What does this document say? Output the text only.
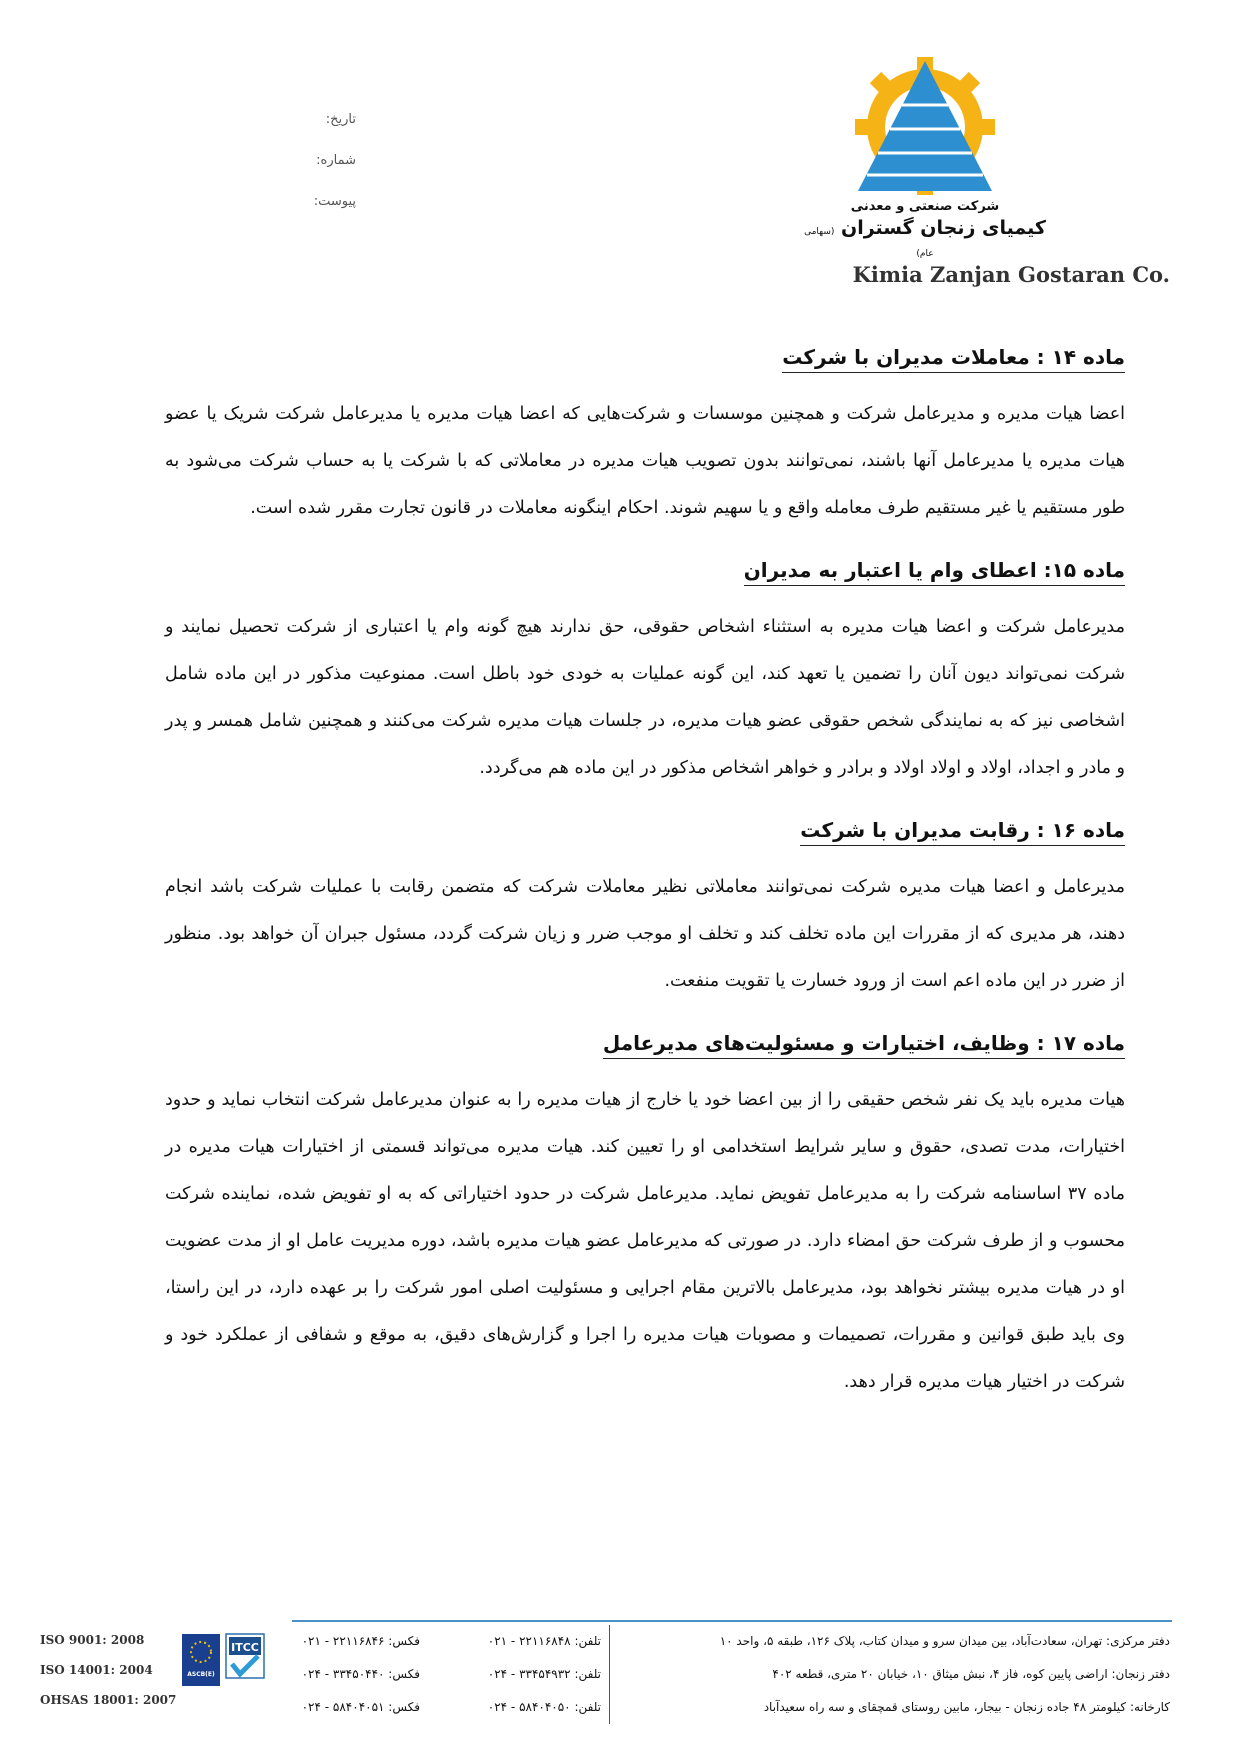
شرکت صنعتی و معدنی
کیمیای زنجان گستران (سهامی عام)
Kimia Zanjan Gostaran Co.
تاریخ:
شماره:
پیوست:
ماده ۱۴ : معاملات مدیران با شرکت

اعضا هیات مدیره و مدیرعامل شرکت و همچنین موسسات و شرکت‌هایی که اعضا هیات مدیره یا مدیرعامل شرکت شریک یا عضو هیات مدیره یا مدیرعامل آنها باشند، نمی‌توانند بدون تصویب هیات مدیره در معاملاتی که با شرکت یا به حساب شرکت می‌شود به طور مستقیم یا غیر مستقیم طرف معامله واقع و یا سهیم شوند. احکام اینگونه معاملات در قانون تجارت مقرر شده است.

ماده ۱۵: اعطای وام یا اعتبار به مدیران

مدیرعامل شرکت و اعضا هیات مدیره به استثناء اشخاص حقوقی، حق ندارند هیچ گونه وام یا اعتباری از شرکت تحصیل نمایند و شرکت نمی‌تواند دیون آنان را تضمین یا تعهد کند، این گونه عملیات به خودی خود باطل است. ممنوعیت مذکور در این ماده شامل اشخاصی نیز که به نمایندگی شخص حقوقی عضو هیات مدیره، در جلسات هیات مدیره شرکت می‌کنند و همچنین شامل همسر و پدر و مادر و اجداد، اولاد و اولاد اولاد و برادر و خواهر اشخاص مذکور در این ماده هم می‌گردد.

ماده ۱۶ : رقابت مدیران با شرکت

مدیرعامل و اعضا هیات مدیره شرکت نمی‌توانند معاملاتی نظیر معاملات شرکت که متضمن رقابت با عملیات شرکت باشد انجام دهند، هر مدیری که از مقررات این ماده تخلف کند و تخلف او موجب ضرر و زیان شرکت گردد، مسئول جبران آن خواهد بود. منظور از ضرر در این ماده اعم است از ورود خسارت یا تقویت منفعت.

ماده ۱۷ : وظایف، اختیارات و مسئولیت‌های مدیرعامل

هیات مدیره باید یک نفر شخص حقیقی را از بین اعضا خود یا خارج از هیات مدیره را به عنوان مدیرعامل شرکت انتخاب نماید و حدود اختیارات، مدت تصدی، حقوق و سایر شرایط استخدامی او را تعیین کند. هیات مدیره می‌تواند قسمتی از اختیارات هیات مدیره در ماده ۳۷ اساسنامه شرکت را به مدیرعامل تفویض نماید. مدیرعامل شرکت در حدود اختیاراتی که به او تفویض شده، نماینده شرکت محسوب و از طرف شرکت حق امضاء دارد. در صورتی که مدیرعامل عضو هیات مدیره باشد، دوره مدیریت عامل او از مدت عضویت او در هیات مدیره بیشتر نخواهد بود، مدیرعامل بالاترین مقام اجرایی و مسئولیت اصلی امور شرکت را بر عهده دارد، در این راستا، وی باید طبق قوانین و مقررات، تصمیمات و مصوبات هیات مدیره را اجرا و گزارش‌های دقیق، به موقع و شفافی از عملکرد خود و شرکت در اختیار هیات مدیره قرار دهد.

دفتر مرکزی: تهران، سعادت‌آباد، بین میدان سرو و میدان کتاب، پلاک ۱۲۶، طبقه ۵، واحد ۱۰
دفتر زنجان: اراضی پایین کوه، فاز ۴، نبش میثاق ۱۰، خیابان ۲۰ متری، قطعه ۴۰۲
کارخانه: کیلومتر ۴۸ جاده زنجان - بیجار، مابین روستای قمچقای و سه راه سعیدآباد
تلفن: ۲۲۱۱۶۸۴۸ - ۰۲۱
تلفن: ۳۳۴۵۴۹۳۲ - ۰۲۴
تلفن: ۵۸۴۰۴۰۵۰ - ۰۲۴
فکس: ۲۲۱۱۶۸۴۶ - ۰۲۱
فکس: ۳۳۴۵۰۴۴۰ - ۰۲۴
فکس: ۵۸۴۰۴۰۵۱ - ۰۲۴
ITCC
ASCB(E)
ISO 9001: 2008
ISO 14001: 2004
OHSAS 18001: 2007
